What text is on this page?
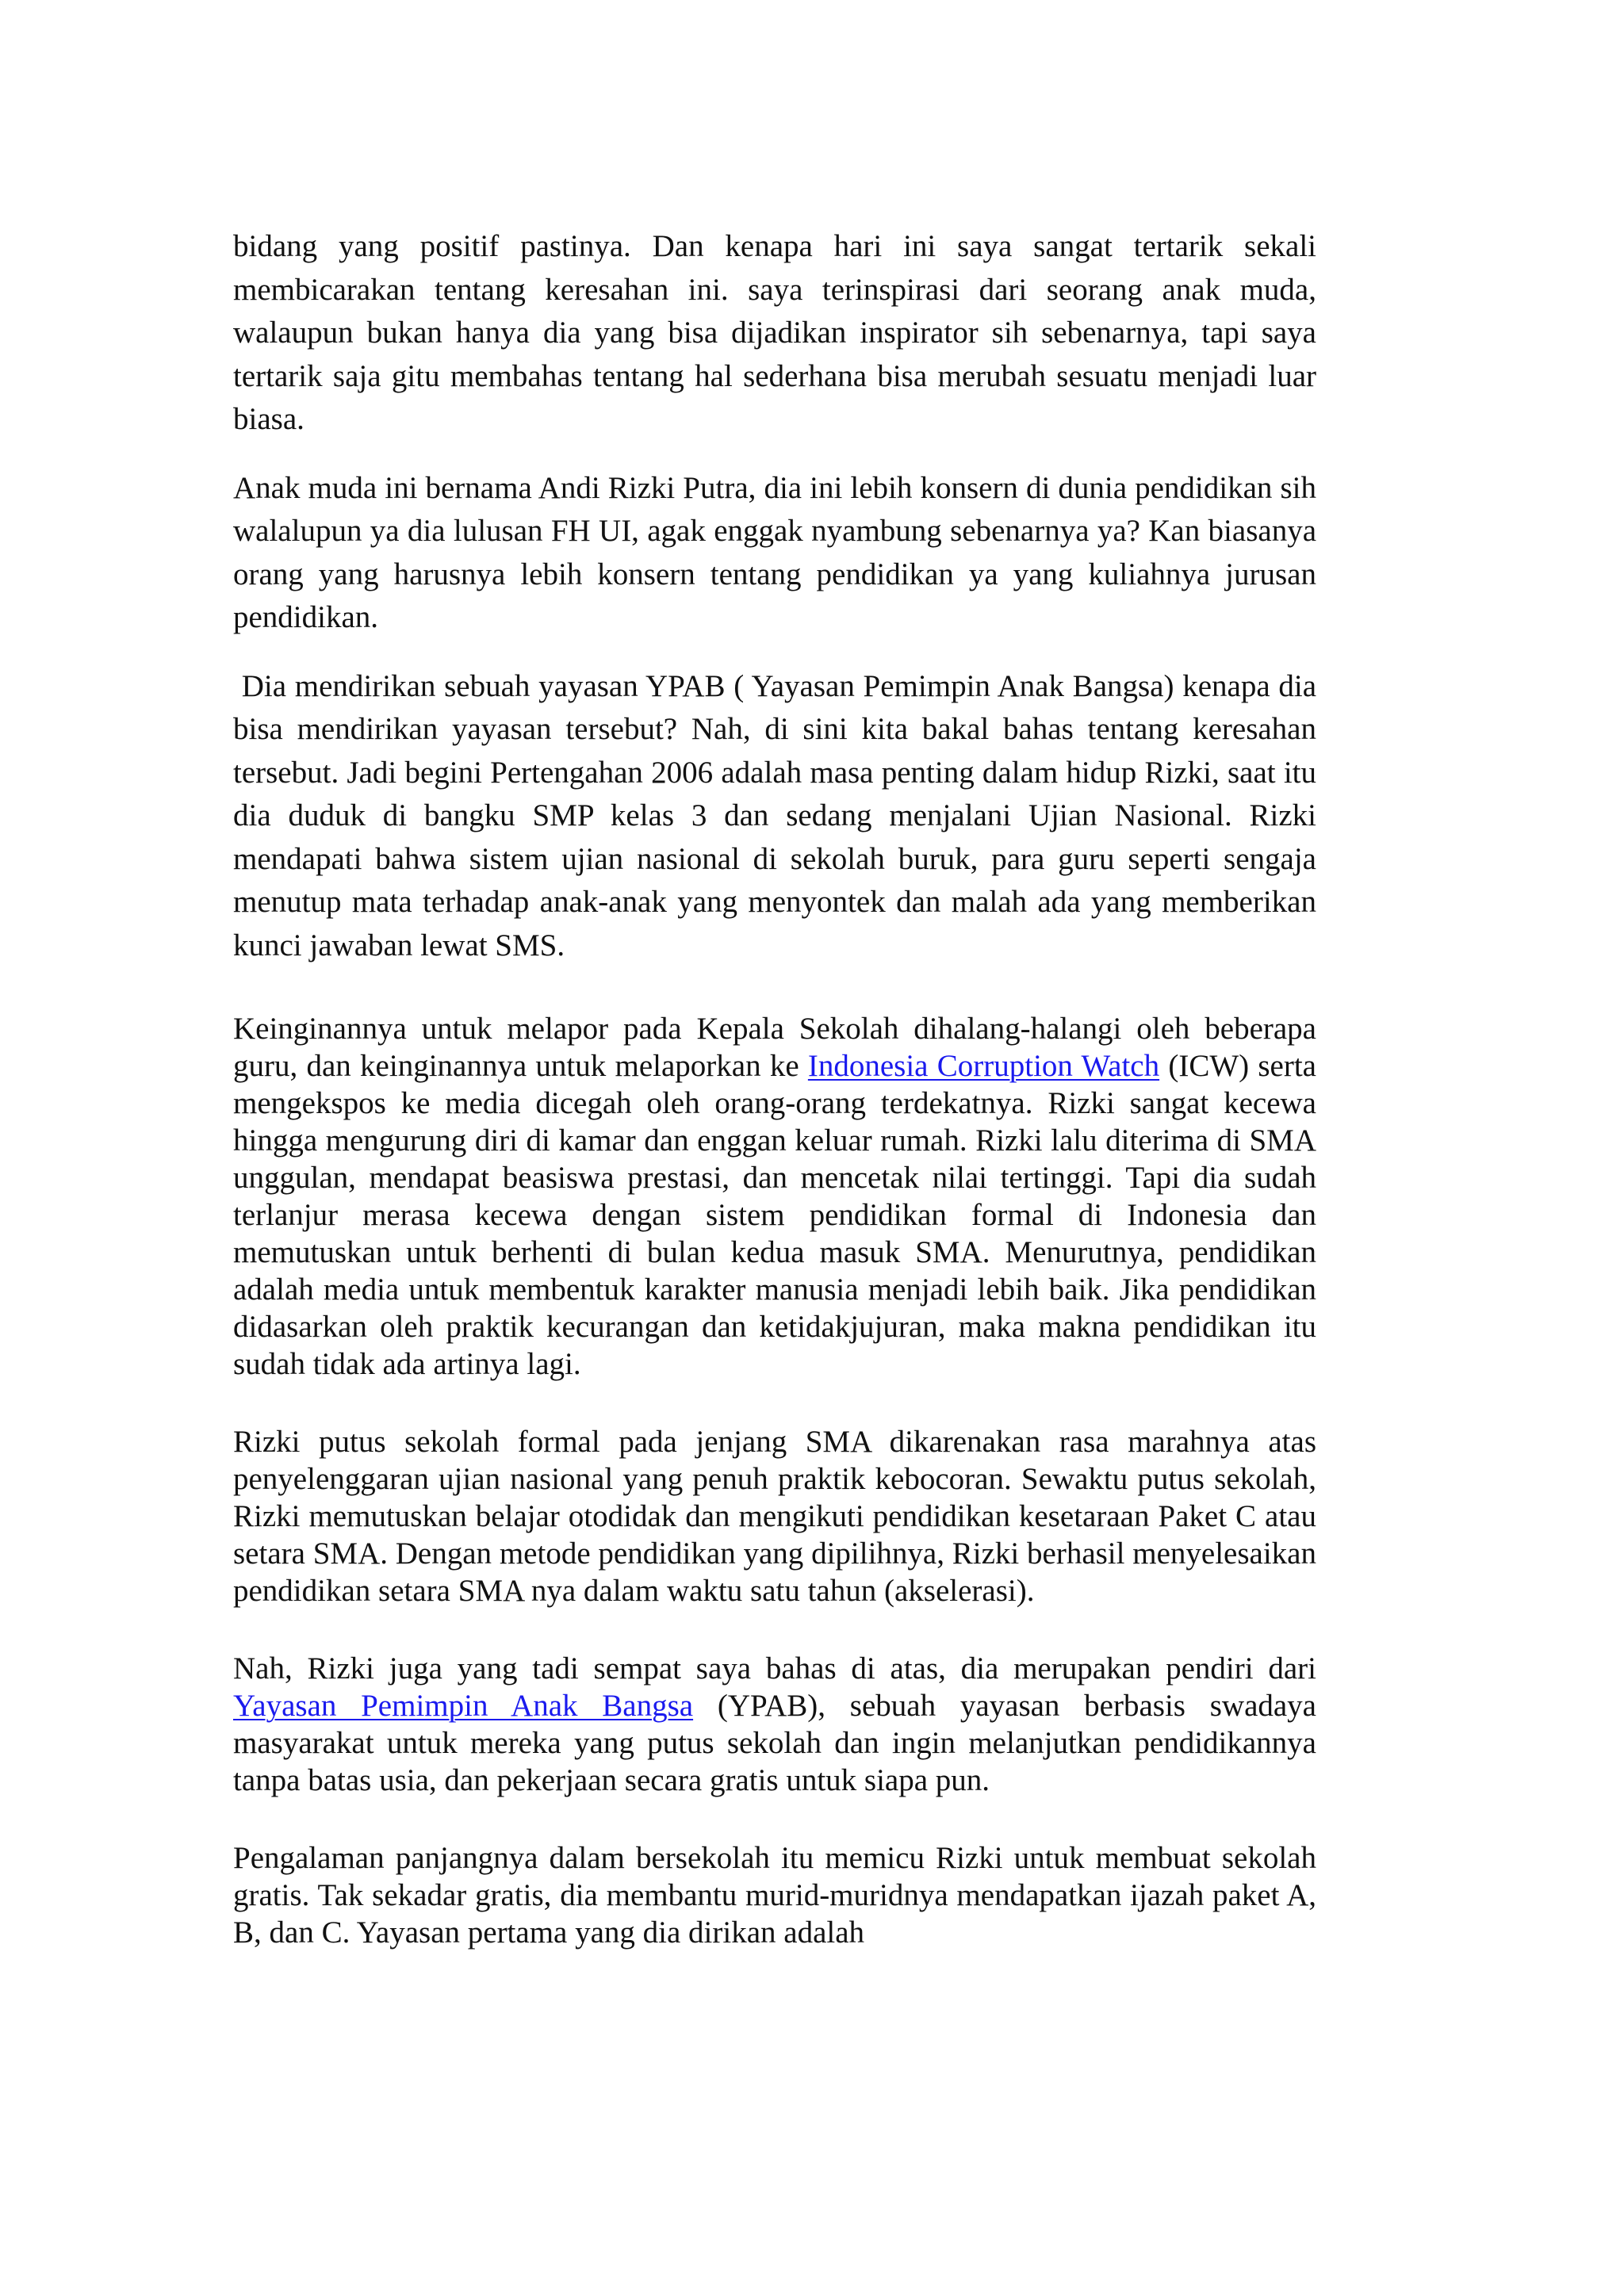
bidang yang positif pastinya. Dan kenapa hari ini saya sangat tertarik sekali membicarakan tentang keresahan ini. saya terinspirasi dari seorang anak muda, walaupun bukan hanya dia yang bisa dijadikan inspirator sih sebenarnya, tapi saya tertarik saja gitu membahas tentang hal sederhana bisa merubah sesuatu menjadi luar biasa.

Anak muda ini bernama Andi Rizki Putra, dia ini lebih konsern di dunia pendidikan sih walalupun ya dia lulusan FH UI, agak enggak nyambung sebenarnya ya? Kan biasanya orang yang harusnya lebih konsern tentang pendidikan ya yang kuliahnya jurusan pendidikan.

Dia mendirikan sebuah yayasan YPAB ( Yayasan Pemimpin Anak Bangsa) kenapa dia bisa mendirikan yayasan tersebut? Nah, di sini kita bakal bahas tentang keresahan tersebut. Jadi begini Pertengahan 2006 adalah masa penting dalam hidup Rizki, saat itu dia duduk di bangku SMP kelas 3 dan sedang menjalani Ujian Nasional. Rizki mendapati bahwa sistem ujian nasional di sekolah buruk, para guru seperti sengaja menutup mata terhadap anak-anak yang menyontek dan malah ada yang memberikan kunci jawaban lewat SMS.

Keinginannya untuk melapor pada Kepala Sekolah dihalang-halangi oleh beberapa guru, dan keinginannya untuk melaporkan ke Indonesia Corruption Watch (ICW) serta mengekspos ke media dicegah oleh orang-orang terdekatnya. Rizki sangat kecewa hingga mengurung diri di kamar dan enggan keluar rumah. Rizki lalu diterima di SMA unggulan, mendapat beasiswa prestasi, dan mencetak nilai tertinggi. Tapi dia sudah terlanjur merasa kecewa dengan sistem pendidikan formal di Indonesia dan memutuskan untuk berhenti di bulan kedua masuk SMA. Menurutnya, pendidikan adalah media untuk membentuk karakter manusia menjadi lebih baik. Jika pendidikan didasarkan oleh praktik kecurangan dan ketidakjujuran, maka makna pendidikan itu sudah tidak ada artinya lagi.

Rizki putus sekolah formal pada jenjang SMA dikarenakan rasa marahnya atas penyelenggaran ujian nasional yang penuh praktik kebocoran. Sewaktu putus sekolah, Rizki memutuskan belajar otodidak dan mengikuti pendidikan kesetaraan Paket C atau setara SMA. Dengan metode pendidikan yang dipilihnya, Rizki berhasil menyelesaikan pendidikan setara SMA nya dalam waktu satu tahun (akselerasi).

Nah, Rizki juga yang tadi sempat saya bahas di atas, dia merupakan pendiri dari Yayasan Pemimpin Anak Bangsa (YPAB), sebuah yayasan berbasis swadaya masyarakat untuk mereka yang putus sekolah dan ingin melanjutkan pendidikannya tanpa batas usia, dan pekerjaan secara gratis untuk siapa pun.

Pengalaman panjangnya dalam bersekolah itu memicu Rizki untuk membuat sekolah gratis. Tak sekadar gratis, dia membantu murid-muridnya mendapatkan ijazah paket A, B, dan C. Yayasan pertama yang dia dirikan adalah
